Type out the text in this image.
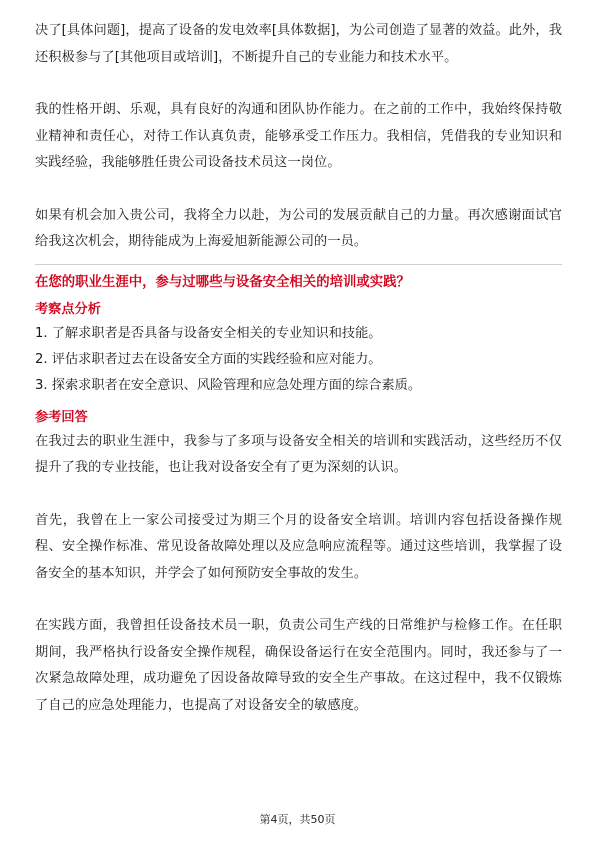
决了[具体问题]，提高了设备的发电效率[具体数据]，为公司创造了显著的效益。此外，我还积极参与了[其他项目或培训]，不断提升自己的专业能力和技术水平。

我的性格开朗、乐观，具有良好的沟通和团队协作能力。在之前的工作中，我始终保持敬业精神和责任心，对待工作认真负责，能够承受工作压力。我相信，凭借我的专业知识和实践经验，我能够胜任贵公司设备技术员这一岗位。

如果有机会加入贵公司，我将全力以赴，为公司的发展贡献自己的力量。再次感谢面试官给我这次机会，期待能成为上海爱旭新能源公司的一员。

在您的职业生涯中，参与过哪些与设备安全相关的培训或实践？
考察点分析
1. 了解求职者是否具备与设备安全相关的专业知识和技能。
2. 评估求职者过去在设备安全方面的实践经验和应对能力。
3. 探索求职者在安全意识、风险管理和应急处理方面的综合素质。
参考回答

在我过去的职业生涯中，我参与了多项与设备安全相关的培训和实践活动，这些经历不仅提升了我的专业技能，也让我对设备安全有了更为深刻的认识。

首先，我曾在上一家公司接受过为期三个月的设备安全培训。培训内容包括设备操作规程、安全操作标准、常见设备故障处理以及应急响应流程等。通过这些培训，我掌握了设备安全的基本知识，并学会了如何预防安全事故的发生。

在实践方面，我曾担任设备技术员一职，负责公司生产线的日常维护与检修工作。在任职期间，我严格执行设备安全操作规程，确保设备运行在安全范围内。同时，我还参与了一次紧急故障处理，成功避免了因设备故障导致的安全生产事故。在这过程中，我不仅锻炼了自己的应急处理能力，也提高了对设备安全的敏感度。

第4页，共50页
